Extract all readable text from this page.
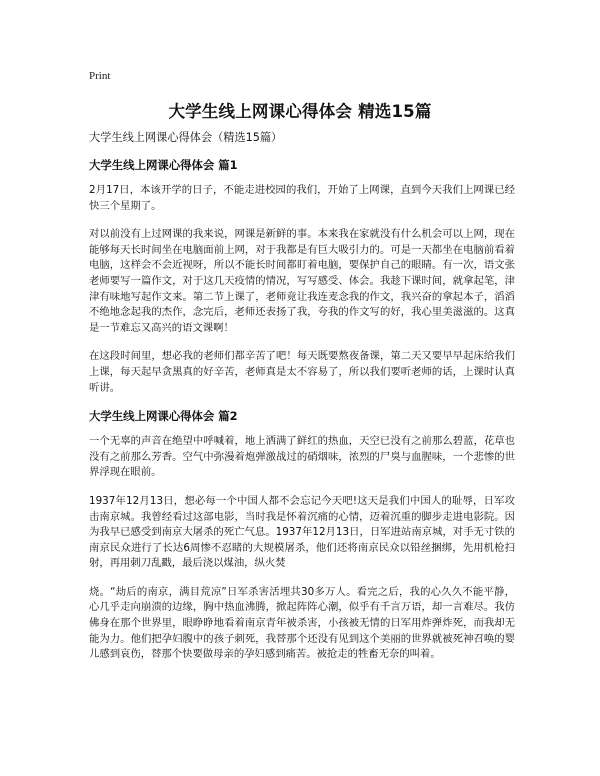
Print
大学生线上网课心得体会 精选15篇
大学生线上网课心得体会（精选15篇）
大学生线上网课心得体会 篇1

2月17日，本该开学的日子，不能走进校园的我们，开始了上网课，直到今天我们上网课已经快三个星期了。

对以前没有上过网课的我来说，网课是新鲜的事。本来我在家就没有什么机会可以上网，现在能够每天长时间坐在电脑面前上网，对于我都是有巨大吸引力的。可是一天都坐在电脑前看着电脑，这样会不会近视呀，所以不能长时间都盯着电脑，要保护自己的眼睛。有一次，语文张老师要写一篇作文，对于这几天疫情的情况，写写感受、体会。我趁下课时间，就拿起笔，津津有味地写起作文来。第二节上课了，老师竟让我连麦念我的作文，我兴奋的拿起本子，滔滔不绝地念起我的杰作，念完后，老师还表扬了我，夸我的作文写的好，我心里美滋滋的。这真是一节难忘又高兴的语文课啊！

在这段时间里，想必我的老师们都辛苦了吧！每天既要熬夜备课，第二天又要早早起床给我们上课，每天起早贪黑真的好辛苦，老师真是太不容易了，所以我们要听老师的话，上课时认真听讲。

大学生线上网课心得体会 篇2

一个无辜的声音在绝望中呼喊着，地上洒满了鲜红的热血，天空已没有之前那么碧蓝，花草也没有之前那么芳香。空气中弥漫着炮弹激战过的硝烟味，浓烈的尸臭与血腥味，一个悲惨的世界浮现在眼前。

1937年12月13日，想必每一个中国人都不会忘记今天吧!这天是我们中国人的耻辱，日军攻击南京城。我曾经看过这部电影，当时我是怀着沉痛的心情，迈着沉重的脚步走进电影院。因为我早已感受到南京大屠杀的死亡气息。1937年12月13日，日军进站南京城，对手无寸铁的南京民众进行了长达6周惨不忍睹的大规模屠杀，他们还将南京民众以铅丝捆绑，先用机枪扫射，再用刺刀乱戳，最后浇以煤油，纵火焚

烧。“劫后的南京，满目荒凉”日军杀害活埋共30多万人。看完之后，我的心久久不能平静，心几乎走向崩溃的边缘，胸中热血沸腾，掀起阵阵心潮，似乎有千言万语，却一言难尽。我仿佛身在那个世界里，眼睁睁地看着南京青年被杀害，小孩被无情的日军用炸弹炸死，而我却无能为力。他们把孕妇腹中的孩子刺死，我替那个还没有见到这个美丽的世界就被死神召唤的婴儿感到哀伤，替那个快要做母亲的孕妇感到痛苦。被抢走的牲畜无奈的叫着。
